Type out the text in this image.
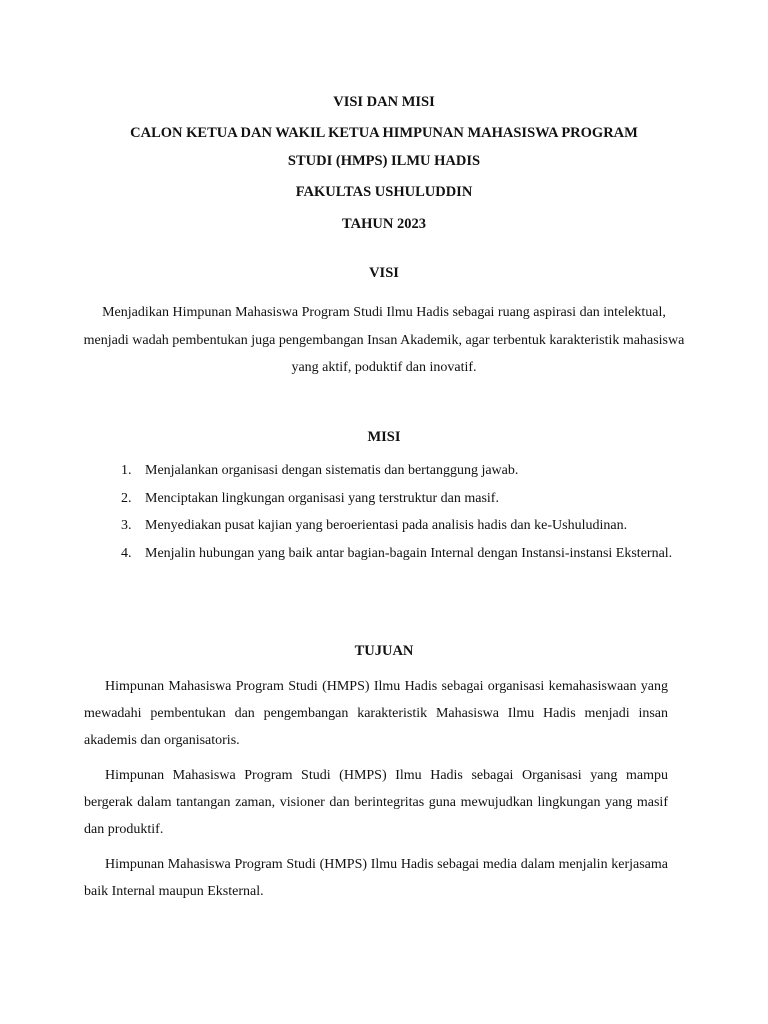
VISI DAN MISI

CALON KETUA DAN WAKIL KETUA HIMPUNAN MAHASISWA PROGRAM

STUDI (HMPS) ILMU HADIS

FAKULTAS USHULUDDIN

TAHUN 2023

VISI

Menjadikan Himpunan Mahasiswa Program Studi Ilmu Hadis sebagai ruang aspirasi dan intelektual, menjadi wadah pembentukan juga pengembangan Insan Akademik, agar terbentuk karakteristik mahasiswa yang aktif, poduktif dan inovatif.

MISI

1. Menjalankan organisasi dengan sistematis dan bertanggung jawab.
2. Menciptakan lingkungan organisasi yang terstruktur dan masif.
3. Menyediakan pusat kajian yang beroerientasi pada analisis hadis dan ke-Ushuludinan.
4. Menjalin hubungan yang baik antar bagian-bagain Internal dengan Instansi-instansi Eksternal.

TUJUAN

Himpunan Mahasiswa Program Studi (HMPS) Ilmu Hadis sebagai organisasi kemahasiswaan yang mewadahi pembentukan dan pengembangan karakteristik Mahasiswa Ilmu Hadis menjadi insan akademis dan organisatoris.

Himpunan Mahasiswa Program Studi (HMPS) Ilmu Hadis sebagai Organisasi yang mampu bergerak dalam tantangan zaman, visioner dan berintegritas guna mewujudkan lingkungan yang masif dan produktif.

Himpunan Mahasiswa Program Studi (HMPS) Ilmu Hadis sebagai media dalam menjalin kerjasama baik Internal maupun Eksternal.
